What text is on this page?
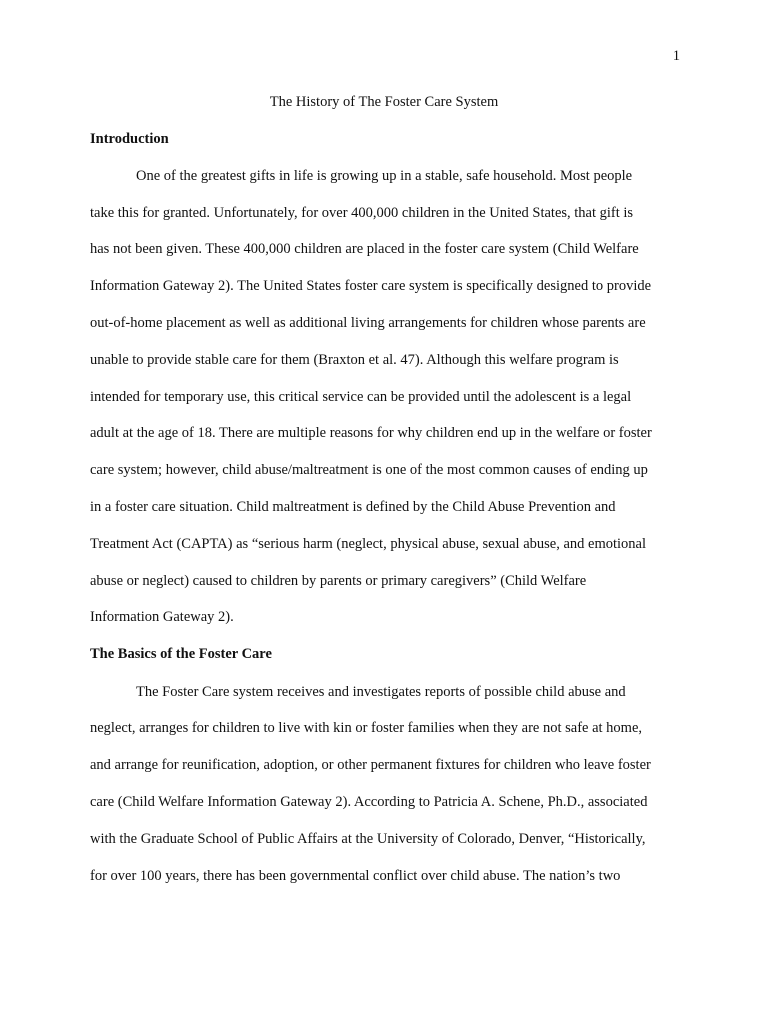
1
The History of The Foster Care System
Introduction
One of the greatest gifts in life is growing up in a stable, safe household. Most people
take this for granted. Unfortunately, for over 400,000 children in the United States, that gift is
has not been given. These 400,000 children are placed in the foster care system (Child Welfare
Information Gateway 2). The United States foster care system is specifically designed to provide
out-of-home placement as well as additional living arrangements for children whose parents are
unable to provide stable care for them (Braxton et al. 47). Although this welfare program is
intended for temporary use, this critical service can be provided until the adolescent is a legal
adult at the age of 18. There are multiple reasons for why children end up in the welfare or foster
care system; however, child abuse/maltreatment is one of the most common causes of ending up
in a foster care situation. Child maltreatment is defined by the Child Abuse Prevention and
Treatment Act (CAPTA) as “serious harm (neglect, physical abuse, sexual abuse, and emotional
abuse or neglect) caused to children by parents or primary caregivers” (Child Welfare
Information Gateway 2).
The Basics of the Foster Care
The Foster Care system receives and investigates reports of possible child abuse and
neglect, arranges for children to live with kin or foster families when they are not safe at home,
and arrange for reunification, adoption, or other permanent fixtures for children who leave foster
care (Child Welfare Information Gateway 2). According to Patricia A. Schene, Ph.D., associated
with the Graduate School of Public Affairs at the University of Colorado, Denver, “Historically,
for over 100 years, there has been governmental conflict over child abuse. The nation’s two
